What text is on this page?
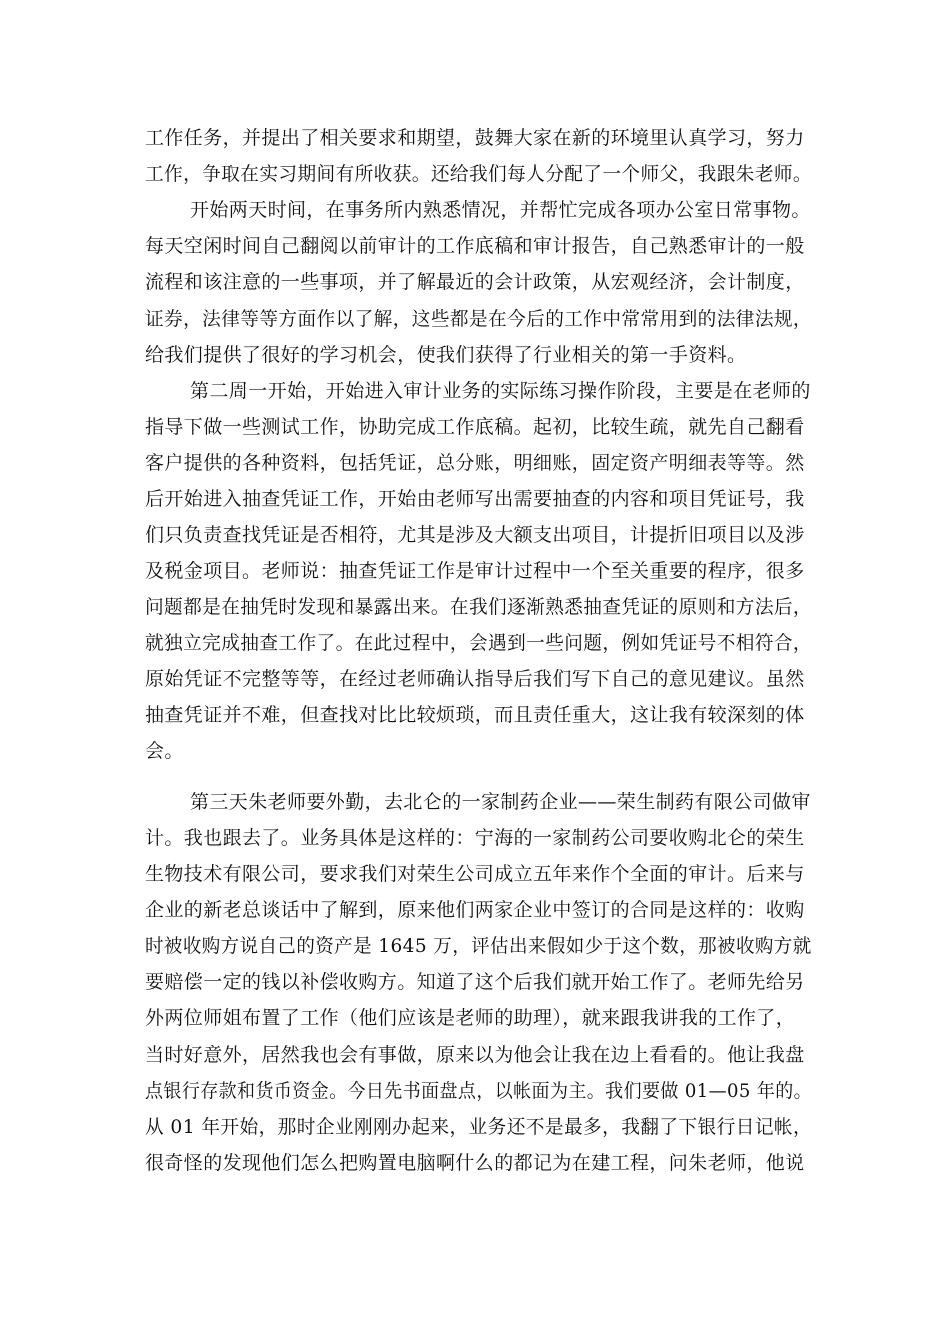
工作任务，并提出了相关要求和期望，鼓舞大家在新的环境里认真学习，努力
工作，争取在实习期间有所收获。还给我们每人分配了一个师父，我跟朱老师。
开始两天时间，在事务所内熟悉情况，并帮忙完成各项办公室日常事物。
每天空闲时间自己翻阅以前审计的工作底稿和审计报告，自己熟悉审计的一般
流程和该注意的一些事项，并了解最近的会计政策，从宏观经济，会计制度，
证券，法律等等方面作以了解，这些都是在今后的工作中常常用到的法律法规，
给我们提供了很好的学习机会，使我们获得了行业相关的第一手资料。
第二周一开始，开始进入审计业务的实际练习操作阶段，主要是在老师的
指导下做一些测试工作，协助完成工作底稿。起初，比较生疏，就先自己翻看
客户提供的各种资料，包括凭证，总分账，明细账，固定资产明细表等等。然
后开始进入抽查凭证工作，开始由老师写出需要抽查的内容和项目凭证号，我
们只负责查找凭证是否相符，尤其是涉及大额支出项目，计提折旧项目以及涉
及税金项目。老师说：抽查凭证工作是审计过程中一个至关重要的程序，很多
问题都是在抽凭时发现和暴露出来。在我们逐渐熟悉抽查凭证的原则和方法后，
就独立完成抽查工作了。在此过程中，会遇到一些问题，例如凭证号不相符合，
原始凭证不完整等等，在经过老师确认指导后我们写下自己的意见建议。虽然
抽查凭证并不难，但查找对比比较烦琐，而且责任重大，这让我有较深刻的体
会。
第三天朱老师要外勤，去北仑的一家制药企业——荣生制药有限公司做审
计。我也跟去了。业务具体是这样的：宁海的一家制药公司要收购北仑的荣生
生物技术有限公司，要求我们对荣生公司成立五年来作个全面的审计。后来与
企业的新老总谈话中了解到，原来他们两家企业中签订的合同是这样的：收购
时被收购方说自己的资产是 1645 万，评估出来假如少于这个数，那被收购方就
要赔偿一定的钱以补偿收购方。知道了这个后我们就开始工作了。老师先给另
外两位师姐布置了工作（他们应该是老师的助理），就来跟我讲我的工作了，
当时好意外，居然我也会有事做，原来以为他会让我在边上看看的。他让我盘
点银行存款和货币资金。今日先书面盘点，以帐面为主。我们要做 01—05 年的。
从 01 年开始，那时企业刚刚办起来，业务还不是最多，我翻了下银行日记帐，
很奇怪的发现他们怎么把购置电脑啊什么的都记为在建工程，问朱老师，他说
